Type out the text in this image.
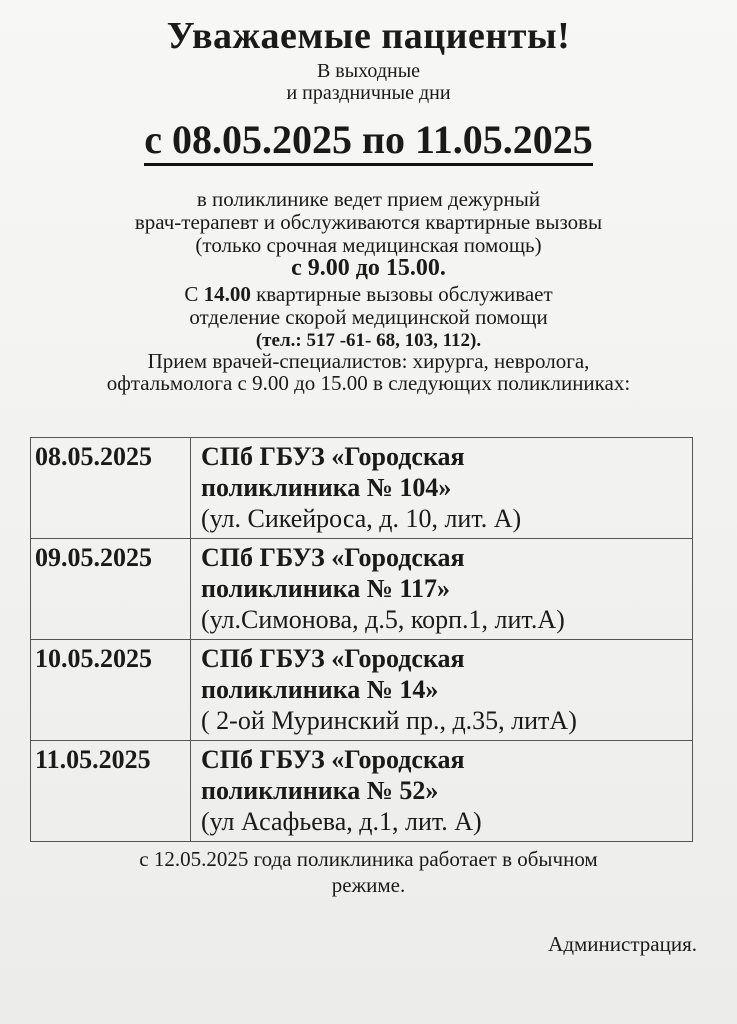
Уважаемые пациенты!
В выходные
и праздничные дни
с 08.05.2025 по 11.05.2025
в поликлинике ведет прием дежурный
врач-терапевт и обслуживаются квартирные вызовы
(только срочная медицинская помощь)
с 9.00 до 15.00.
С 14.00 квартирные вызовы обслуживает
отделение скорой медицинской помощи
(тел.: 517 -61- 68, 103, 112).
Прием врачей-специалистов: хирурга, невролога,
офтальмолога с 9.00 до 15.00 в следующих поликлиниках:
08.05.2025	СПб ГБУЗ «Городская
поликлиника № 104»
(ул. Сикейроса, д. 10, лит. А)

09.05.2025	СПб ГБУЗ «Городская
поликлиника № 117»
(ул.Симонова, д.5, корп.1, лит.А)

10.05.2025	СПб ГБУЗ «Городская
поликлиника № 14»
( 2-ой Муринский пр., д.35, литА)

11.05.2025	СПб ГБУЗ «Городская
поликлиника № 52»
(ул Асафьева, д.1, лит. А)
с 12.05.2025 года поликлиника работает в обычном
режиме.
Администрация.
